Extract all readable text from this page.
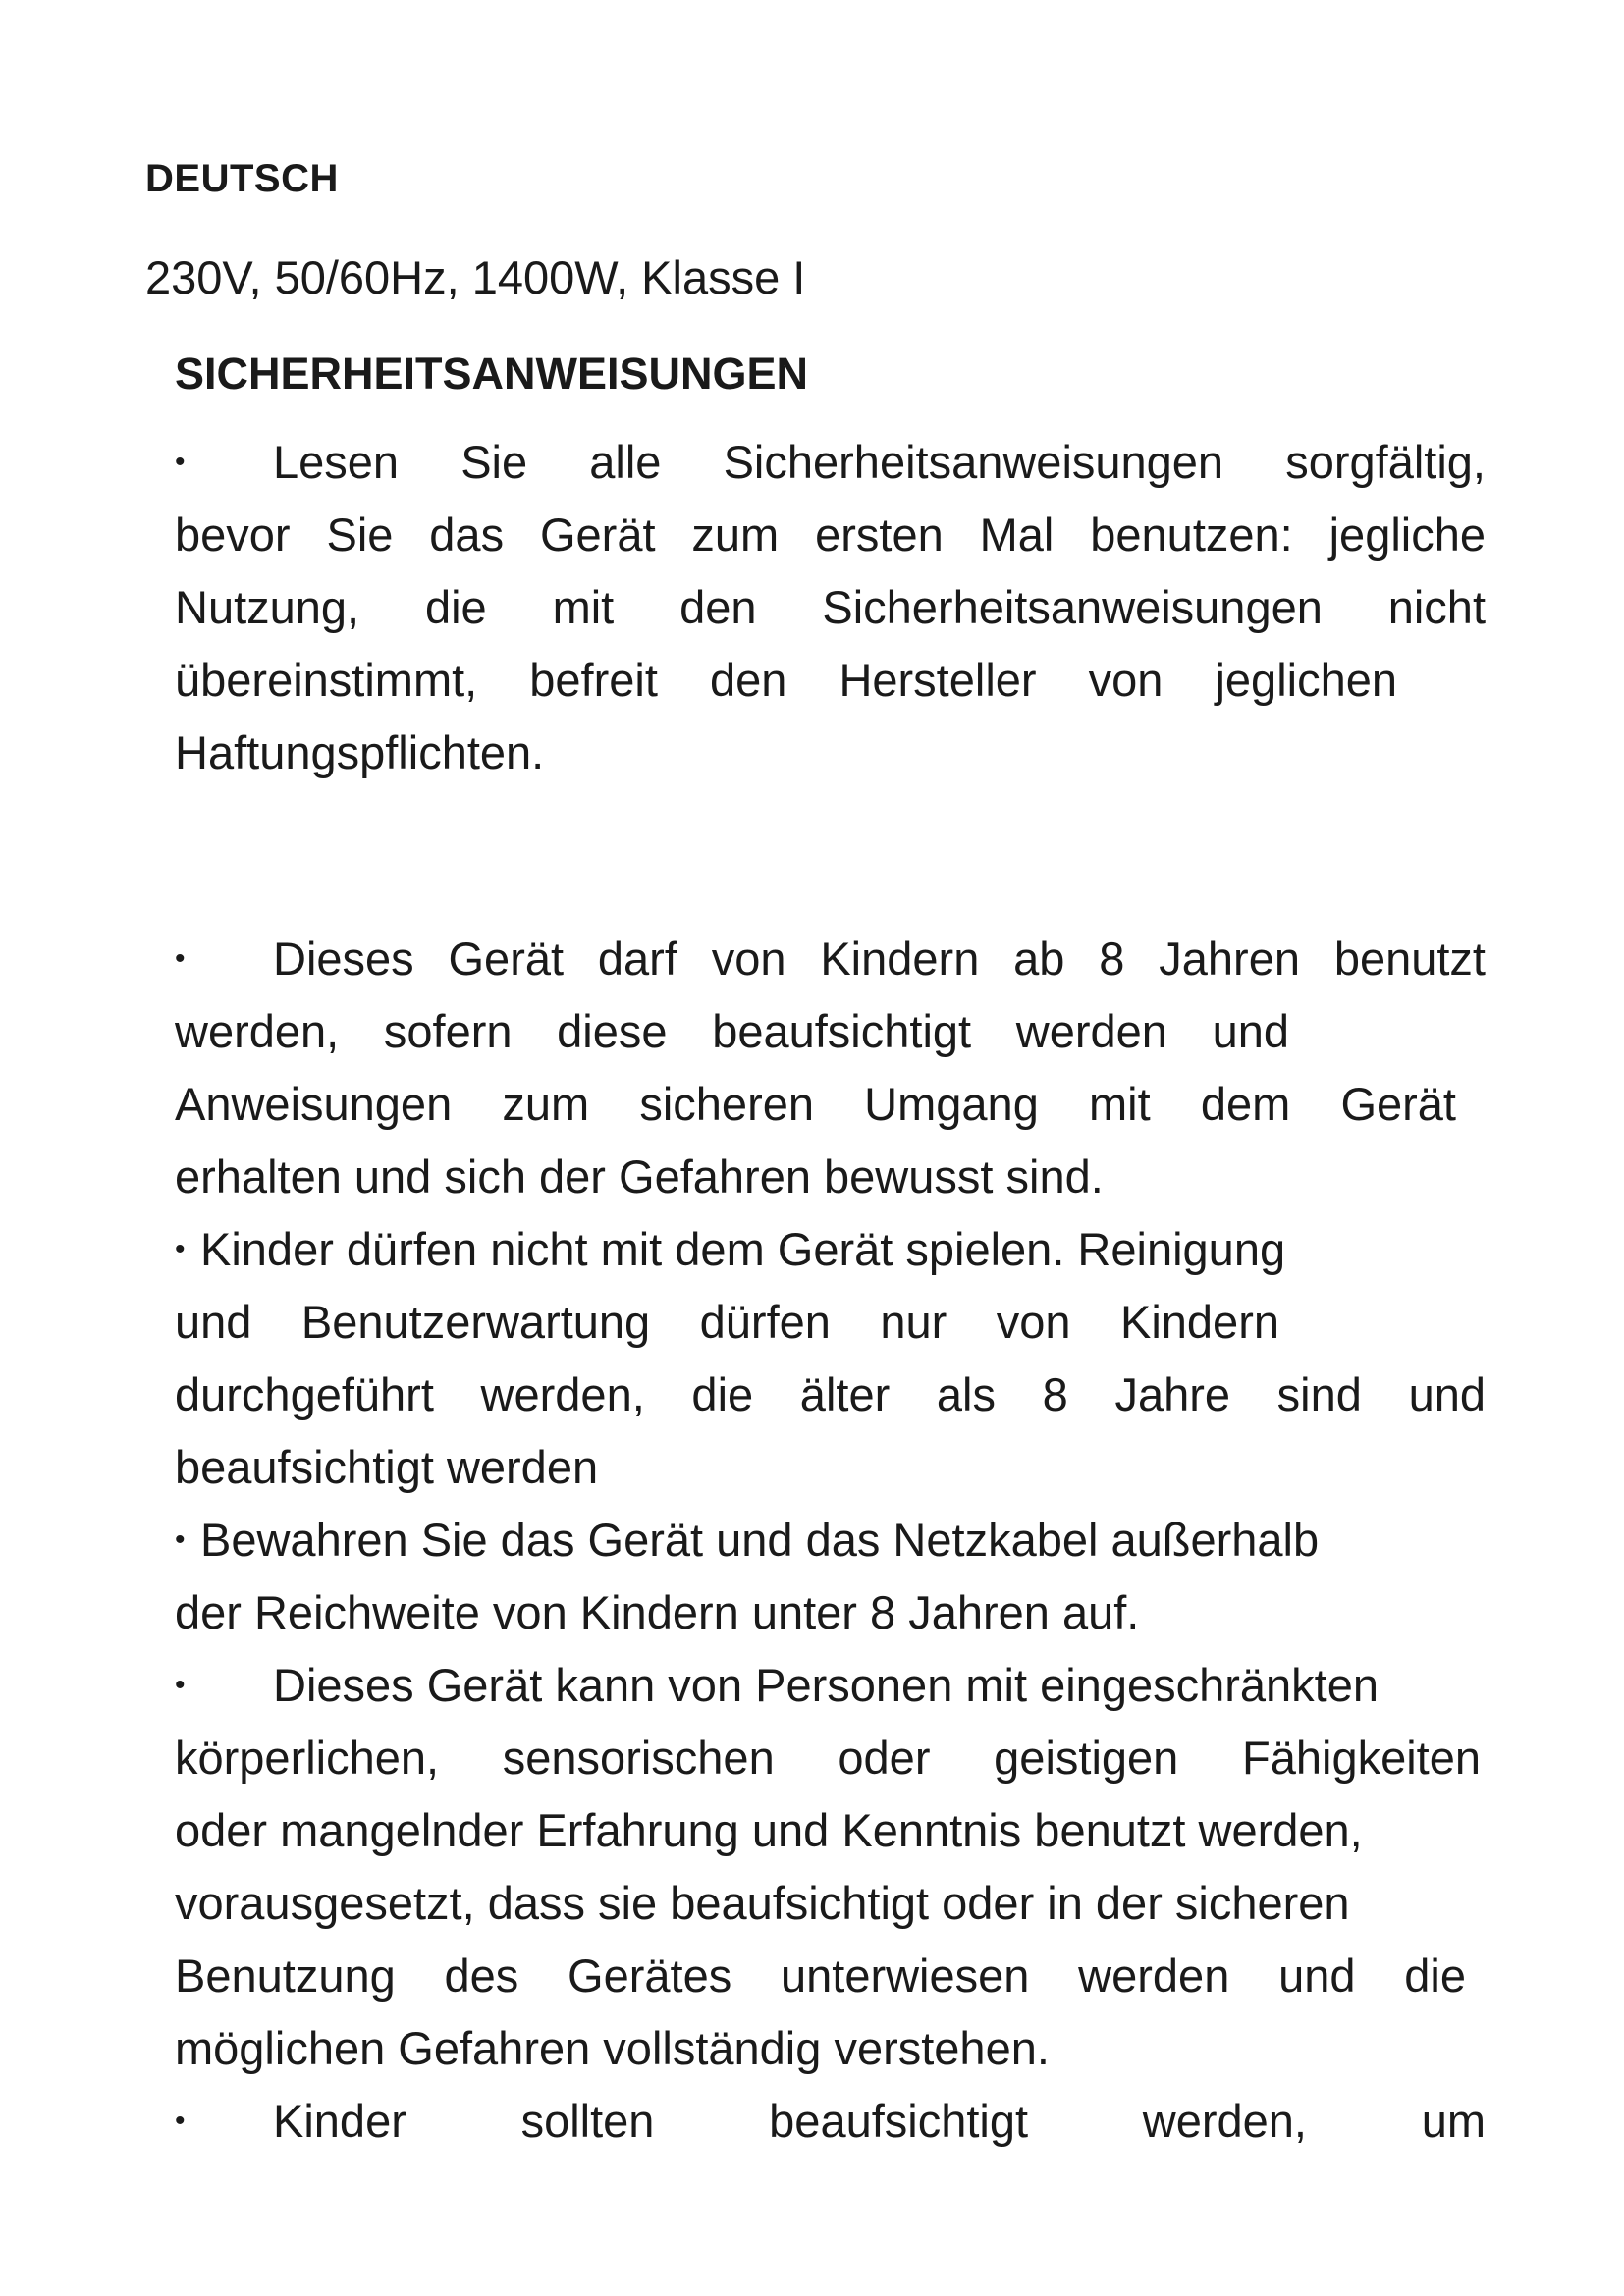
DEUTSCH
230V, 50/60Hz, 1400W, Klasse I
SICHERHEITSANWEISUNGEN
• Lesen Sie alle Sicherheitsanweisungen sorgfältig,
bevor Sie das Gerät zum ersten Mal benutzen: jegliche
Nutzung, die mit den Sicherheitsanweisungen nicht
übereinstimmt, befreit den Hersteller von jeglichen
Haftungspflichten.
• Dieses Gerät darf von Kindern ab 8 Jahren benutzt
werden, sofern diese beaufsichtigt werden und
Anweisungen zum sicheren Umgang mit dem Gerät
erhalten und sich der Gefahren bewusst sind.
• Kinder dürfen nicht mit dem Gerät spielen. Reinigung
und Benutzerwartung dürfen nur von Kindern
durchgeführt werden, die älter als 8 Jahre sind und
beaufsichtigt werden
• Bewahren Sie das Gerät und das Netzkabel außerhalb
der Reichweite von Kindern unter 8 Jahren auf.
• Dieses Gerät kann von Personen mit eingeschränkten
körperlichen, sensorischen oder geistigen Fähigkeiten
oder mangelnder Erfahrung und Kenntnis benutzt werden,
vorausgesetzt, dass sie beaufsichtigt oder in der sicheren
Benutzung des Gerätes unterwiesen werden und die
möglichen Gefahren vollständig verstehen.
• Kinder sollten beaufsichtigt werden, um
